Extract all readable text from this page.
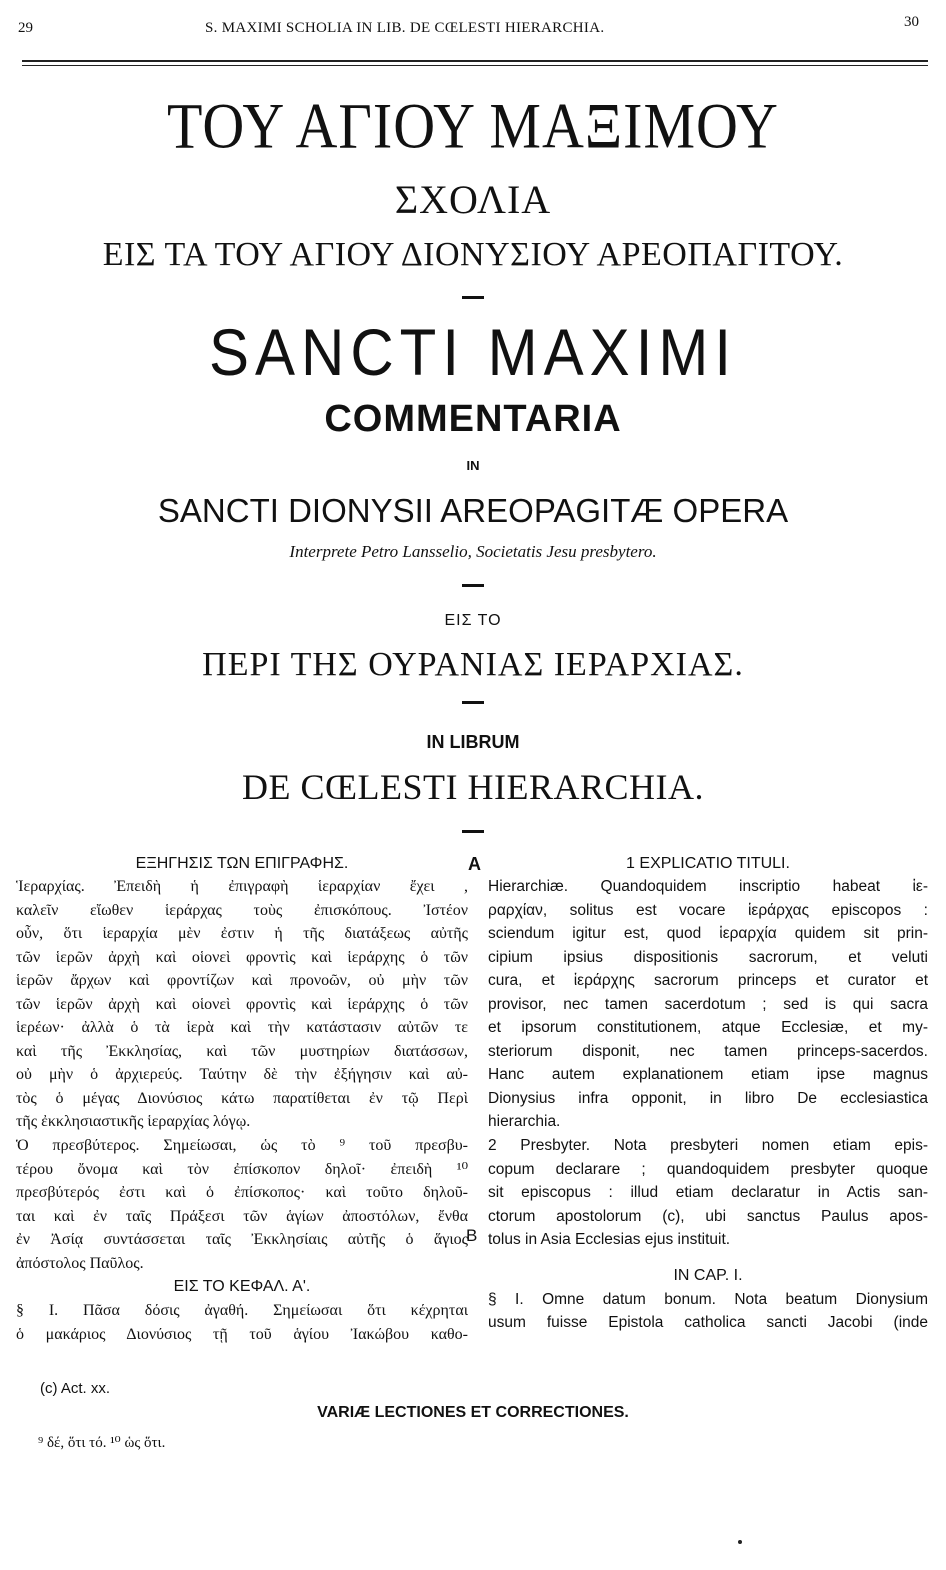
29	S. MAXIMI SCHOLIA IN LIB. DE CŒLESTI HIERARCHIA.	30
ΤΟΥ ΑΓΙΟΥ ΜΑΞΙΜΟΥ
ΣΧΟΛΙΑ
ΕΙΣ ΤΑ ΤΟΥ ΑΓΙΟΥ ΔΙΟΝΥΣΙΟΥ ΑΡΕΟΠΑΓΙΤΟΥ.
SANCTI MAXIMI
COMMENTARIA
IN
SANCTI DIONYSII AREOPAGITÆ OPERA
Interprete Petro Lansselio, Societatis Jesu presbytero.
ΕΙΣ ΤΟ
ΠΕΡΙ ΤΗΣ ΟΥΡΑΝΙΑΣ ΙΕΡΑΡΧΙΑΣ.
IN LIBRUM
DE CŒLESTI HIERARCHIA.
A
B
ΕΞΗΓΗΣΙΣ ΤΩΝ ΕΠΙΓΡΑΦΗΣ.
Ἱεραρχίας. Ἐπειδὴ ἡ ἐπιγραφὴ ἱεραρχίαν ἔχει ,
καλεῖν εἴωθεν ἱεράρχας τοὺς ἐπισκόπους. Ἰστέον
οὖν, ὅτι ἱεραρχία μὲν ἐστιν ἡ τῆς διατάξεως αὐτῆς
τῶν ἱερῶν ἀρχὴ καὶ οἱονεὶ φροντὶς καὶ ἱεράρχης ὁ τῶν
ἱερῶν ἄρχων καὶ φροντίζων καὶ προνοῶν, οὐ μὴν τῶν
τῶν ἱερῶν ἀρχὴ καὶ οἱονεὶ φροντὶς καὶ ἱεράρχης ὁ τῶν
ἱερέων· ἀλλὰ ὁ τὰ ἱερὰ καὶ τὴν κατάστασιν αὐτῶν τε
καὶ τῆς Ἐκκλησίας, καὶ τῶν μυστηρίων διατάσσων,
οὐ μὴν ὁ ἀρχιερεύς. Ταύτην δὲ τὴν ἐξήγησιν καὶ αὐ-
τὸς ὁ μέγας Διονύσιος κάτω παρατίθεται ἐν τῷ Περὶ
τῆς ἐκκλησιαστικῆς ἱεραρχίας λόγῳ.
Ὁ πρεσβύτερος. Σημείωσαι, ὡς τὸ ⁹ τοῦ πρεσβυ-
τέρου ὄνομα καὶ τὸν ἐπίσκοπον δηλοῖ· ἐπειδὴ ¹⁰
πρεσβύτερός ἐστι καὶ ὁ ἐπίσκοπος· καὶ τοῦτο δηλοῦ-
ται καὶ ἐν ταῖς Πράξεσι τῶν ἁγίων ἀποστόλων, ἔνθα
ἐν Ἀσίᾳ συντάσσεται ταῖς Ἐκκλησίαις αὐτῆς ὁ ἅγιος
ἀπόστολος Παῦλος.
ΕΙΣ ΤΟ ΚΕΦΑΛ. Α'.
§ I. Πᾶσα δόσις ἀγαθή. Σημείωσαι ὅτι κέχρηται
ὁ μακάριος Διονύσιος τῇ τοῦ ἁγίου Ἰακώβου καθο-
1 EXPLICATIO TITULI.
Hierarchiæ. Quandoquidem inscriptio habeat ἱε-
ραρχίαν, solitus est vocare ἱεράρχας episcopos :
sciendum igitur est, quod ἱεραρχία quidem sit prin-
cipium ipsius dispositionis sacrorum, et veluti
cura, et ἱεράρχης sacrorum princeps et curator et
provisor, nec tamen sacerdotum ; sed is qui sacra
et ipsorum constitutionem, atque Ecclesiæ, et my-
steriorum disponit, nec tamen princeps-sacerdos.
Hanc autem explanationem etiam ipse magnus
Dionysius infra opponit, in libro De ecclesiastica
hierarchia.
2 Presbyter. Nota presbyteri nomen etiam epis-
copum declarare ; quandoquidem presbyter quoque
sit episcopus : illud etiam declaratur in Actis san-
ctorum apostolorum (c), ubi sanctus Paulus apos-
tolus in Asia Ecclesias ejus instituit.
IN CAP. I.
§ I. Omne datum bonum. Nota beatum Dionysium
usum fuisse Epistola catholica sancti Jacobi (inde
(c) Act. xx.
VARIÆ LECTIONES ET CORRECTIONES.
⁹ δέ, ὅτι τό. ¹⁰ ὡς ὅτι.
